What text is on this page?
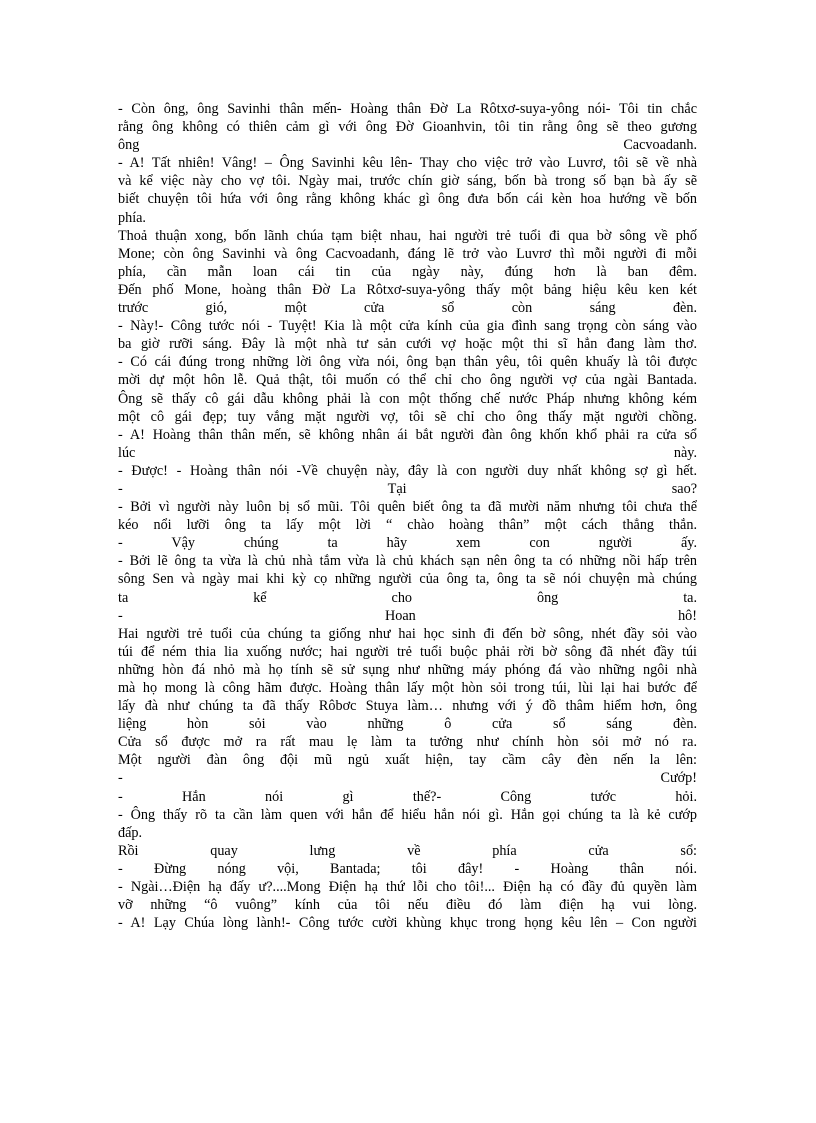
- Còn ông, ông Savinhi thân mến- Hoàng thân Đờ La Rôtxơ-suya-yông nói- Tôi tin chắc
rằng ông không có thiên cảm gì với ông Đờ Gioanhvin, tôi tin rằng ông sẽ theo gương
ông Cacvoadanh.
- A! Tất nhiên! Vâng! – Ông Savinhi kêu lên- Thay cho việc trở vào Luvrơ, tôi sẽ về nhà
và kể việc này cho vợ tôi. Ngày mai, trước chín giờ sáng, bốn bà trong số bạn bà ấy sẽ
biết chuyện tôi hứa với ông rằng không khác gì ông đưa bốn cái kèn hoa hướng về bốn
phía.
Thoả thuận xong, bốn lãnh chúa tạm biệt nhau, hai người trẻ tuổi đi qua bờ sông về phố
Mone; còn ông Savinhi và ông Cacvoadanh, đáng lẽ trở vào Luvrơ thì mỗi người đi mỗi
phía, cần mẫn loan cái tin của ngày này, đúng hơn là ban đêm.
Đến phố Mone, hoàng thân Đờ La Rôtxơ-suya-yông thấy một bảng hiệu kêu ken két
trước gió, một cửa sổ còn sáng đèn.
- Này!- Công tước nói - Tuyệt! Kia là một cửa kính của gia đình sang trọng còn sáng vào
ba giờ rưỡi sáng. Đây là một nhà tư sản cưới vợ hoặc một thi sĩ hẳn đang làm thơ.
- Có cái đúng trong những lời ông vừa nói, ông bạn thân yêu, tôi quên khuấy là tôi được
mời dự một hôn lễ. Quả thật, tôi muốn có thể chỉ cho ông người vợ của ngài Bantada.
Ông sẽ thấy cô gái dẫu không phải là con một thống chế nước Pháp nhưng không kém
một cô gái đẹp; tuy vắng mặt người vợ, tôi sẽ chỉ cho ông thấy mặt người chồng.
- A! Hoàng thân thân mến, sẽ không nhân ái bắt người đàn ông khốn khổ phải ra cửa sổ
lúc này.
- Được! - Hoàng thân nói -Về chuyện này, đây là con người duy nhất không sợ gì hết.
- Tại sao?
- Bởi vì người này luôn bị sổ mũi. Tôi quên biết ông ta đã mười năm nhưng tôi chưa thể
kéo nổi lưỡi ông ta lấy một lời “ chào hoàng thân” một cách thẳng thắn.
- Vậy chúng ta hãy xem con người ấy.
- Bởi lẽ ông ta vừa là chủ nhà tắm vừa là chủ khách sạn nên ông ta có những nồi hấp trên
sông Sen và ngày mai khi kỳ cọ những người của ông ta, ông ta sẽ nói chuyện mà chúng
ta kể cho ông ta.
- Hoan hô!
Hai người trẻ tuổi của chúng ta giống như hai học sinh đi đến bờ sông, nhét đầy sỏi vào
túi để ném thia lia xuống nước; hai người trẻ tuổi buộc phải rời bờ sông đã nhét đầy túi
những hòn đá nhỏ mà họ tính sẽ sử sụng như những máy phóng đá vào những ngôi nhà
mà họ mong là công hãm được. Hoàng thân lấy một hòn sỏi trong túi, lùi lại hai bước để
lấy đà như chúng ta đã thấy Rôbơc Stuya làm… nhưng với ý đồ thâm hiểm hơn, ông
liệng hòn sỏi vào những ô cửa sổ sáng đèn.
Cửa sổ được mở ra rất mau lẹ làm ta tưởng như chính hòn sỏi mở nó ra.
Một người đàn ông đội mũ ngủ xuất hiện, tay cầm cây đèn nến la lên:
- Cướp!
- Hắn nói gì thế?- Công tước hỏi.
- Ông thấy rõ ta cần làm quen với hắn để hiểu hắn nói gì. Hắn gọi chúng ta là kẻ cướp
đấp.
Rồi quay lưng về phía cửa sổ:
- Đừng nóng vội, Bantada; tôi đây! - Hoàng thân nói.
- Ngài…Điện hạ đấy ư?....Mong Điện hạ thứ lỗi cho tôi!... Điện hạ có đầy đủ quyền làm
vỡ những “ô vuông” kính của tôi nếu điều đó làm điện hạ vui lòng.
- A! Lạy Chúa lòng lành!- Công tước cười khùng khục trong họng kêu lên – Con người
